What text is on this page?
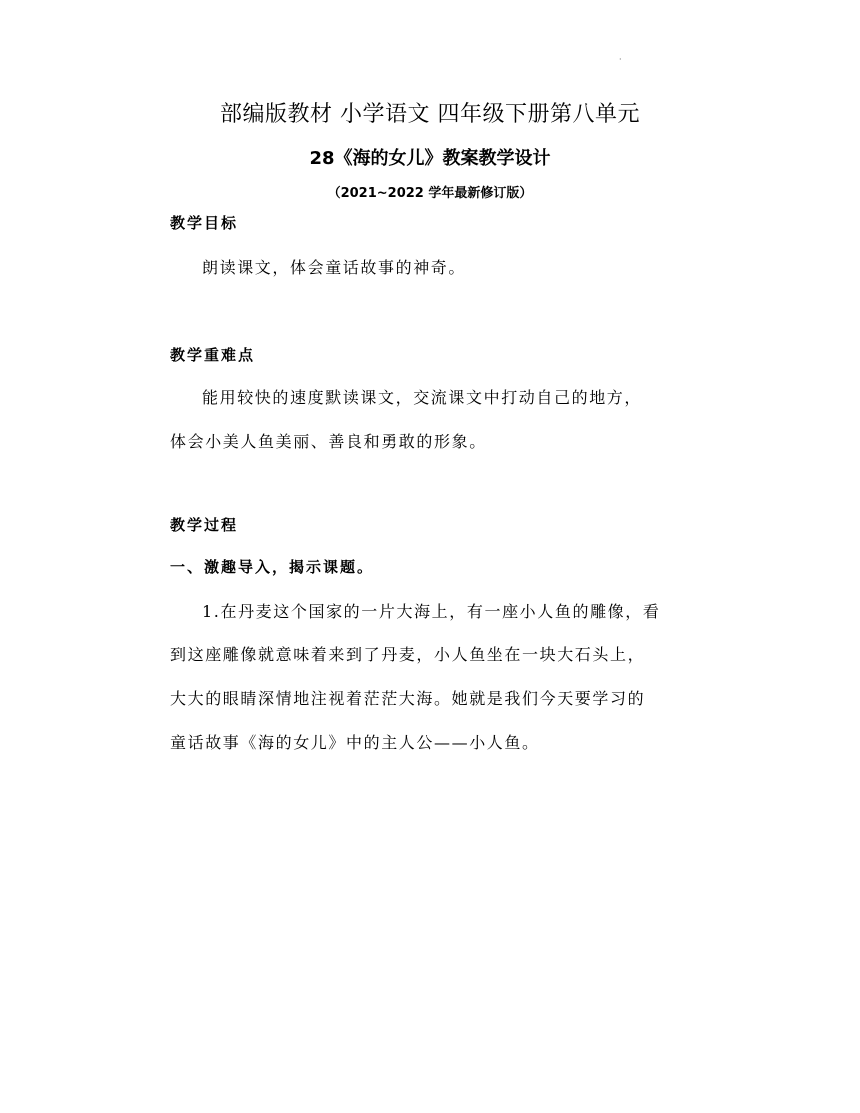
·
部编版教材 小学语文 四年级下册第八单元
28《海的女儿》教案教学设计
（2021~2022 学年最新修订版）
教学目标
朗读课文，体会童话故事的神奇。
教学重难点
能用较快的速度默读课文，交流课文中打动自己的地方，
体会小美人鱼美丽、善良和勇敢的形象。
教学过程
一、激趣导入，揭示课题。
1.在丹麦这个国家的一片大海上，有一座小人鱼的雕像，看
到这座雕像就意味着来到了丹麦，小人鱼坐在一块大石头上，
大大的眼睛深情地注视着茫茫大海。她就是我们今天要学习的
童话故事《海的女儿》中的主人公——小人鱼。
